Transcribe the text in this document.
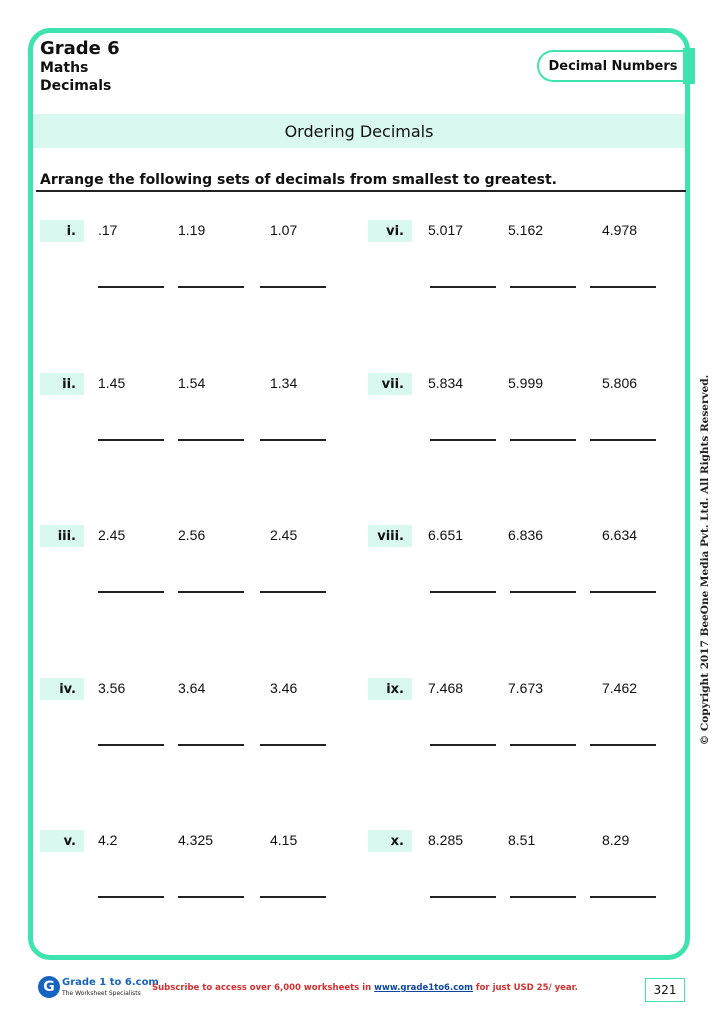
Grade 6
Maths
Decimals
Decimal Numbers
Ordering Decimals
Arrange the following sets of decimals from smallest to greatest.
i.	.17	1.19	1.07
ii.	1.45	1.54	1.34
iii.	2.45	2.56	2.45
iv.	3.56	3.64	3.46
v.	4.2	4.325	4.15
vi.	5.017	5.162	4.978
vii.	5.834	5.999	5.806
viii.	6.651	6.836	6.634
ix.	7.468	7.673	7.462
x.	8.285	8.51	8.29
© Copyright 2017 BeeOne Media Pvt. Ltd. All Rights Reserved.
G Grade 1 to 6.com
The Worksheet Specialists
Subscribe to access over 6,000 worksheets in www.grade1to6.com for just USD 25/ year.	321
